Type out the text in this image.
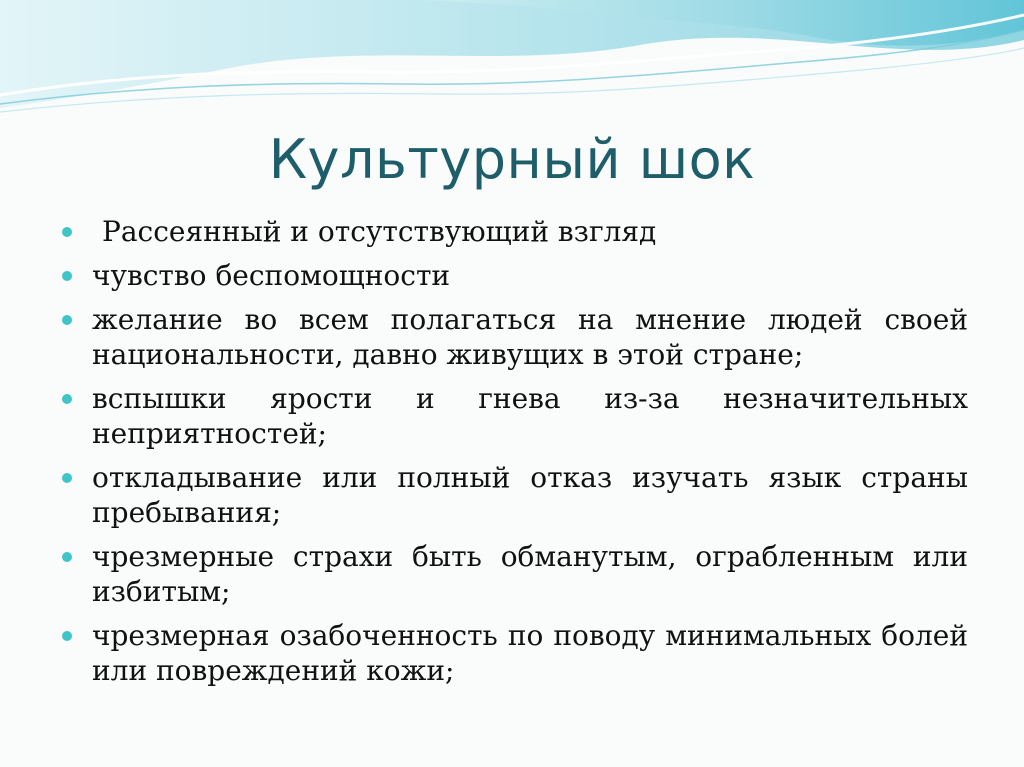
Культурный шок
Рассеянный и отсутствующий взгляд
чувство беспомощности
желание во всем полагаться на мнение людей своей национальности, давно живущих в этой стране;
вспышки ярости и гнева из-за незначительных неприятностей;
откладывание или полный отказ изучать язык страны пребывания;
чрезмерные страхи быть обманутым, ограбленным или избитым;
чрезмерная озабоченность по поводу минимальных болей или повреждений кожи;
